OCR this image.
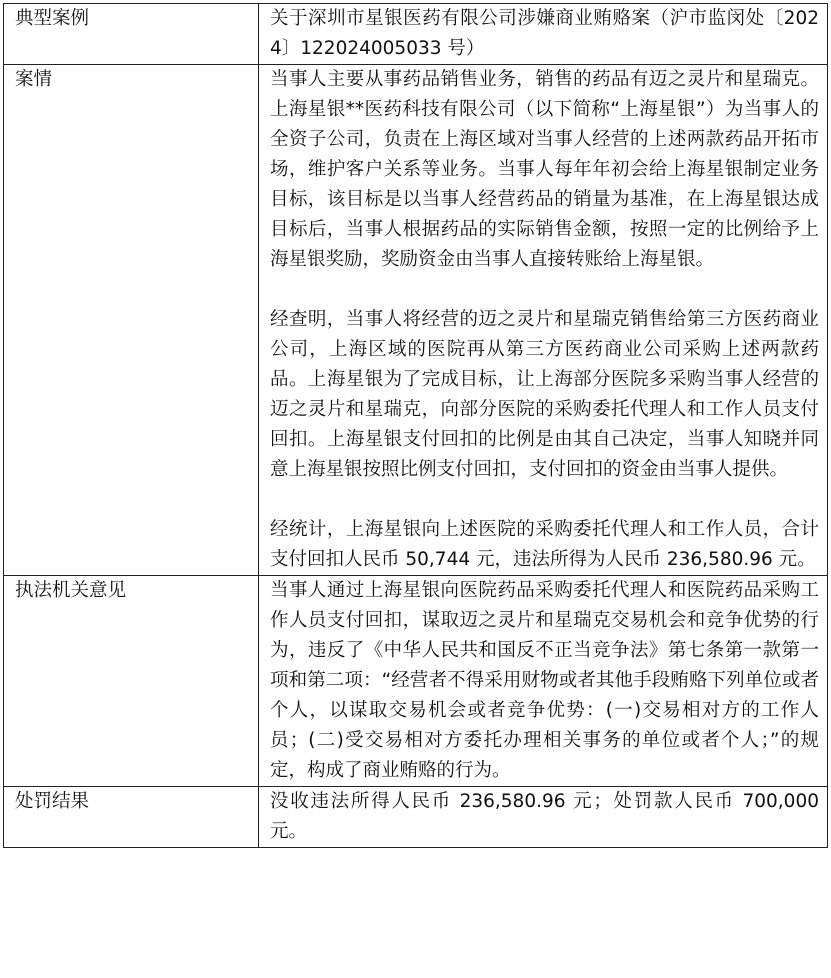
典型案例	关于深圳市星银医药有限公司涉嫌商业贿赂案（沪市监闵处〔2024〕122024005033 号）

案情	当事人主要从事药品销售业务，销售的药品有迈之灵片和星瑞克。上海星银**医药科技有限公司（以下简称“上海星银”）为当事人的全资子公司，负责在上海区域对当事人经营的上述两款药品开拓市场，维护客户关系等业务。当事人每年年初会给上海星银制定业务目标，该目标是以当事人经营药品的销量为基准，在上海星银达成目标后，当事人根据药品的实际销售金额，按照一定的比例给予上海星银奖励，奖励资金由当事人直接转账给上海星银。

经查明，当事人将经营的迈之灵片和星瑞克销售给第三方医药商业公司，上海区域的医院再从第三方医药商业公司采购上述两款药品。上海星银为了完成目标，让上海部分医院多采购当事人经营的迈之灵片和星瑞克，向部分医院的采购委托代理人和工作人员支付回扣。上海星银支付回扣的比例是由其自己决定，当事人知晓并同意上海星银按照比例支付回扣，支付回扣的资金由当事人提供。

经统计，上海星银向上述医院的采购委托代理人和工作人员，合计支付回扣人民币 50,744 元，违法所得为人民币 236,580.96 元。

执法机关意见	当事人通过上海星银向医院药品采购委托代理人和医院药品采购工作人员支付回扣，谋取迈之灵片和星瑞克交易机会和竞争优势的行为，违反了《中华人民共和国反不正当竞争法》第七条第一款第一项和第二项：“经营者不得采用财物或者其他手段贿赂下列单位或者个人，以谋取交易机会或者竞争优势：(一)交易相对方的工作人员；(二)受交易相对方委托办理相关事务的单位或者个人；”的规定，构成了商业贿赂的行为。

处罚结果	没收违法所得人民币 236,580.96 元；处罚款人民币 700,000 元。
